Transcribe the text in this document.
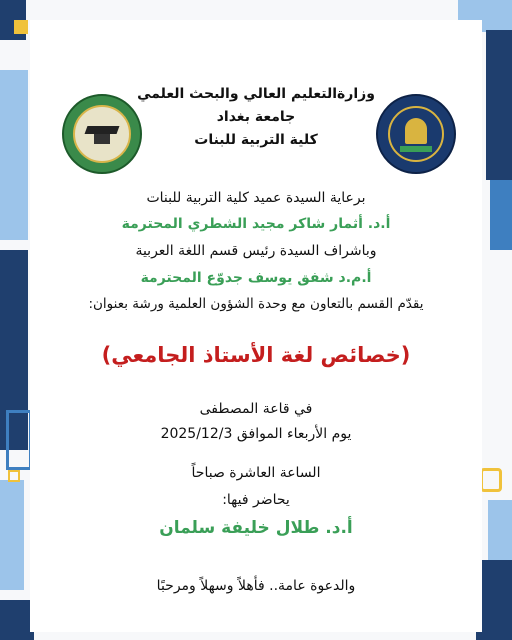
وزارةالتعليم العالي والبحث العلمي

جامعة بغداد

كلية التربية للبنات

برعاية السيدة عميد كلية التربية للبنات

أ.د. أثمار شاكر مجيد الشطري المحترمة

وباشراف السيدة رئيس قسم اللغة العربية

أ.م.د شفق يوسف جدوّع المحترمة

يقدّم القسم بالتعاون مع وحدة الشؤون العلمية ورشة بعنوان:

(خصائص لغة الأستاذ الجامعي)

في قاعة المصطفى

يوم الأربعاء الموافق 2025/12/3

الساعة العاشرة صباحاً

يحاضر فيها:

أ.د. طلال خليفة سلمان

والدعوة عامة.. فأهلاً وسهلاً ومرحبًا
